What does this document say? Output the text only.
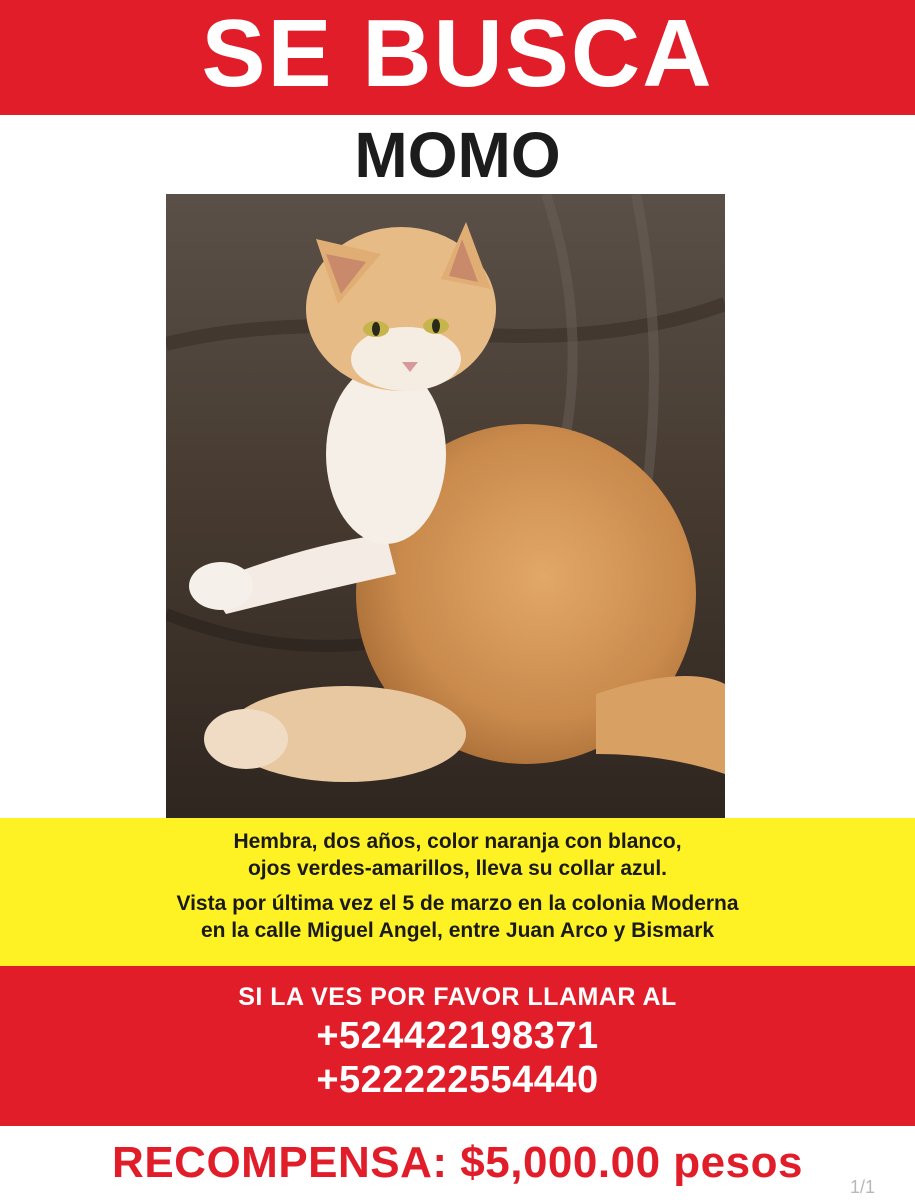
SE BUSCA
MOMO

Hembra, dos años, color naranja con blanco,

ojos verdes-amarillos, lleva su collar azul.

Vista por última vez el 5 de marzo en la colonia Moderna

en la calle Miguel Angel, entre Juan Arco y Bismark

SI LA VES POR FAVOR LLAMAR AL
+524422198371
+522222554440
RECOMPENSA: $5,000.00 pesos	1/1
